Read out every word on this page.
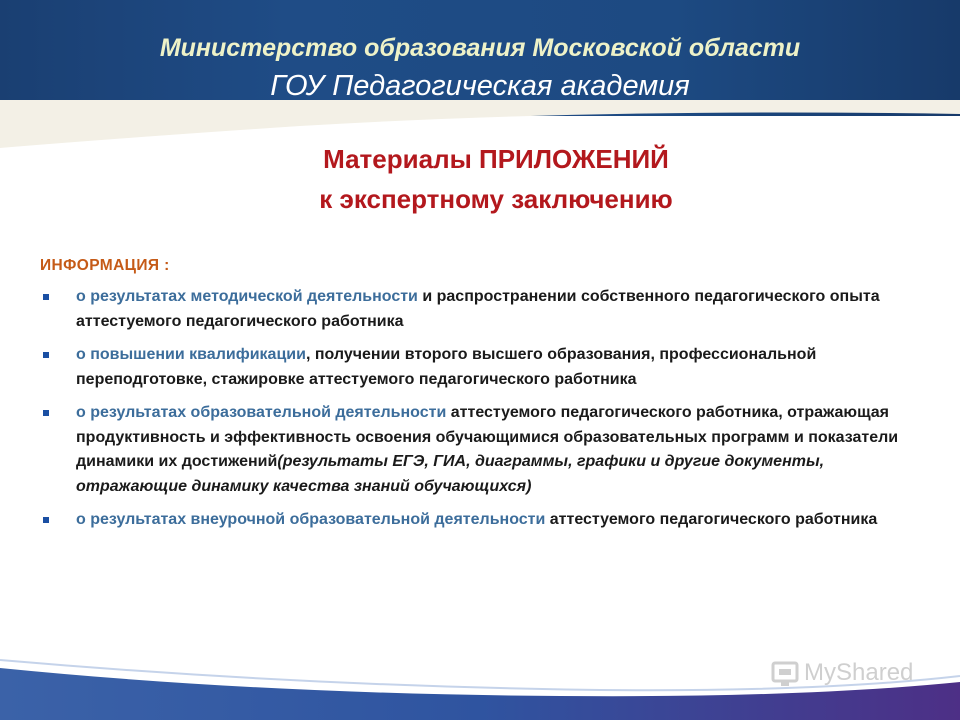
Министерство образования Московской области
ГОУ Педагогическая академия
Материалы ПРИЛОЖЕНИЙ
к экспертному заключению
ИНФОРМАЦИЯ :
о результатах методической деятельности и распространении собственного педагогического опыта аттестуемого педагогического работника
о повышении квалификации, получении второго высшего образования, профессиональной переподготовке, стажировке аттестуемого педагогического работника
о результатах образовательной деятельности аттестуемого педагогического работника, отражающая продуктивность и эффективность освоения обучающимися образовательных программ и показатели динамики их достижений(результаты ЕГЭ, ГИА, диаграммы, графики и другие документы, отражающие динамику качества знаний обучающихся)
о результатах внеурочной образовательной деятельности аттестуемого педагогического работника
MyShared
